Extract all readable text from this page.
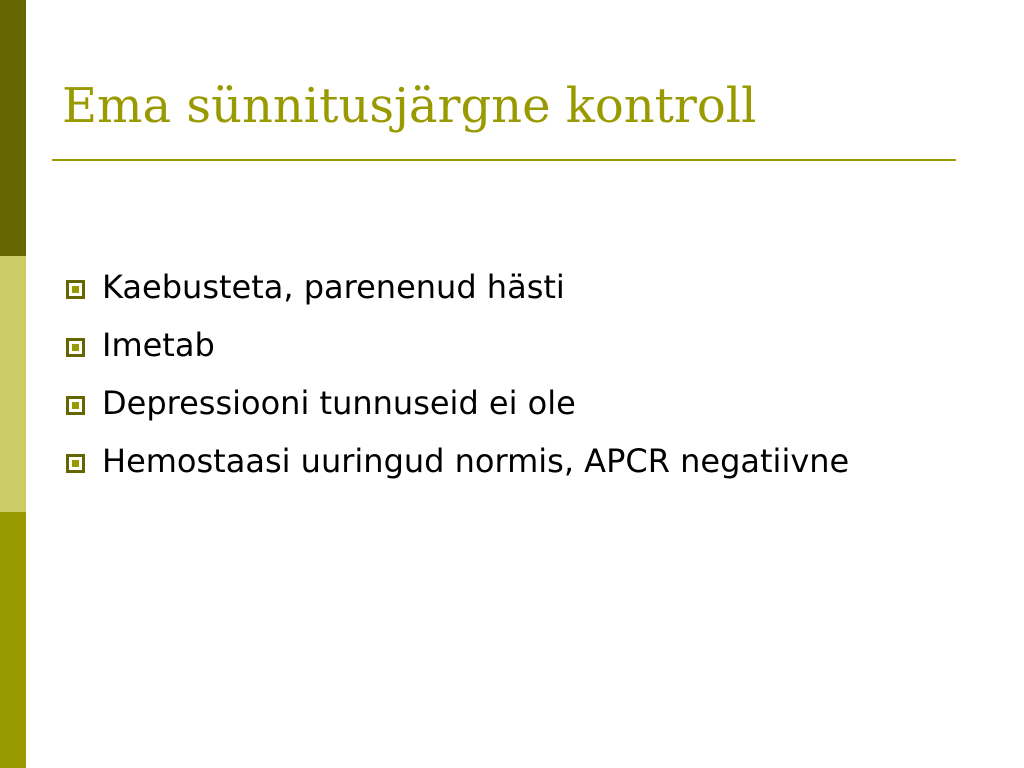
Ema sünnitusjärgne kontroll
Kaebusteta, parenenud hästi
Imetab
Depressiooni tunnuseid ei ole
Hemostaasi uuringud normis, APCR negatiivne
